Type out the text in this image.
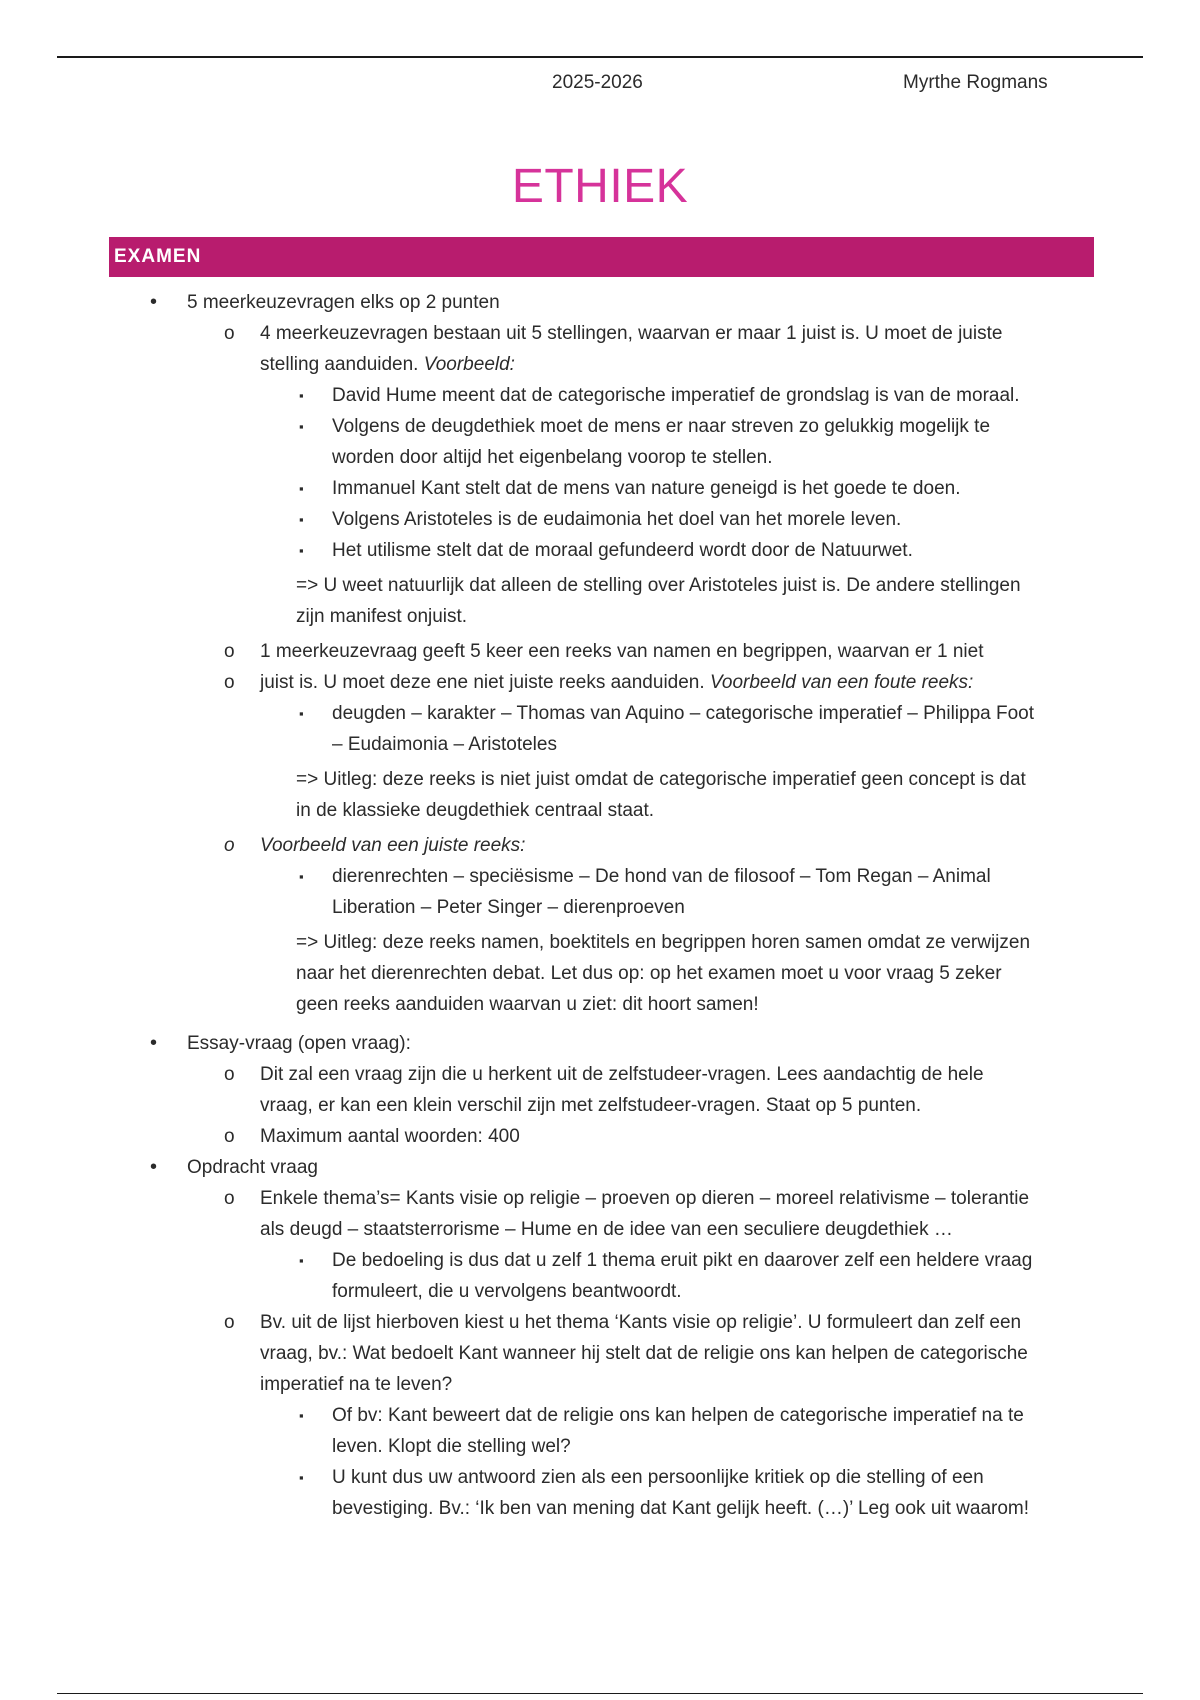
2025-2026	Myrthe Rogmans
ETHIEK
EXAMEN
• 5 meerkeuzevragen elks op 2 punten
o 4 meerkeuzevragen bestaan uit 5 stellingen, waarvan er maar 1 juist is. U moet de juiste
stelling aanduiden. Voorbeeld:
▪ David Hume meent dat de categorische imperatief de grondslag is van de moraal.
▪ Volgens de deugdethiek moet de mens er naar streven zo gelukkig mogelijk te
worden door altijd het eigenbelang voorop te stellen.
▪ Immanuel Kant stelt dat de mens van nature geneigd is het goede te doen.
▪ Volgens Aristoteles is de eudaimonia het doel van het morele leven.
▪ Het utilisme stelt dat de moraal gefundeerd wordt door de Natuurwet.
=> U weet natuurlijk dat alleen de stelling over Aristoteles juist is. De andere stellingen
zijn manifest onjuist.
o 1 meerkeuzevraag geeft 5 keer een reeks van namen en begrippen, waarvan er 1 niet
o juist is. U moet deze ene niet juiste reeks aanduiden. Voorbeeld van een foute reeks:
▪ deugden – karakter – Thomas van Aquino – categorische imperatief – Philippa Foot
– Eudaimonia – Aristoteles
=> Uitleg: deze reeks is niet juist omdat de categorische imperatief geen concept is dat
in de klassieke deugdethiek centraal staat.
o Voorbeeld van een juiste reeks:
▪ dierenrechten – speciësisme – De hond van de filosoof – Tom Regan – Animal
Liberation – Peter Singer – dierenproeven
=> Uitleg: deze reeks namen, boektitels en begrippen horen samen omdat ze verwijzen
naar het dierenrechten debat. Let dus op: op het examen moet u voor vraag 5 zeker
geen reeks aanduiden waarvan u ziet: dit hoort samen!
• Essay-vraag (open vraag):
o Dit zal een vraag zijn die u herkent uit de zelfstudeer-vragen. Lees aandachtig de hele
vraag, er kan een klein verschil zijn met zelfstudeer-vragen. Staat op 5 punten.
o Maximum aantal woorden: 400
• Opdracht vraag
o Enkele thema’s= Kants visie op religie – proeven op dieren – moreel relativisme – tolerantie
als deugd – staatsterrorisme – Hume en de idee van een seculiere deugdethiek …
▪ De bedoeling is dus dat u zelf 1 thema eruit pikt en daarover zelf een heldere vraag
formuleert, die u vervolgens beantwoordt.
o Bv. uit de lijst hierboven kiest u het thema ‘Kants visie op religie’. U formuleert dan zelf een
vraag, bv.: Wat bedoelt Kant wanneer hij stelt dat de religie ons kan helpen de categorische
imperatief na te leven?
▪ Of bv: Kant beweert dat de religie ons kan helpen de categorische imperatief na te
leven. Klopt die stelling wel?
▪ U kunt dus uw antwoord zien als een persoonlijke kritiek op die stelling of een
bevestiging. Bv.: ‘Ik ben van mening dat Kant gelijk heeft. (…)’ Leg ook uit waarom!
